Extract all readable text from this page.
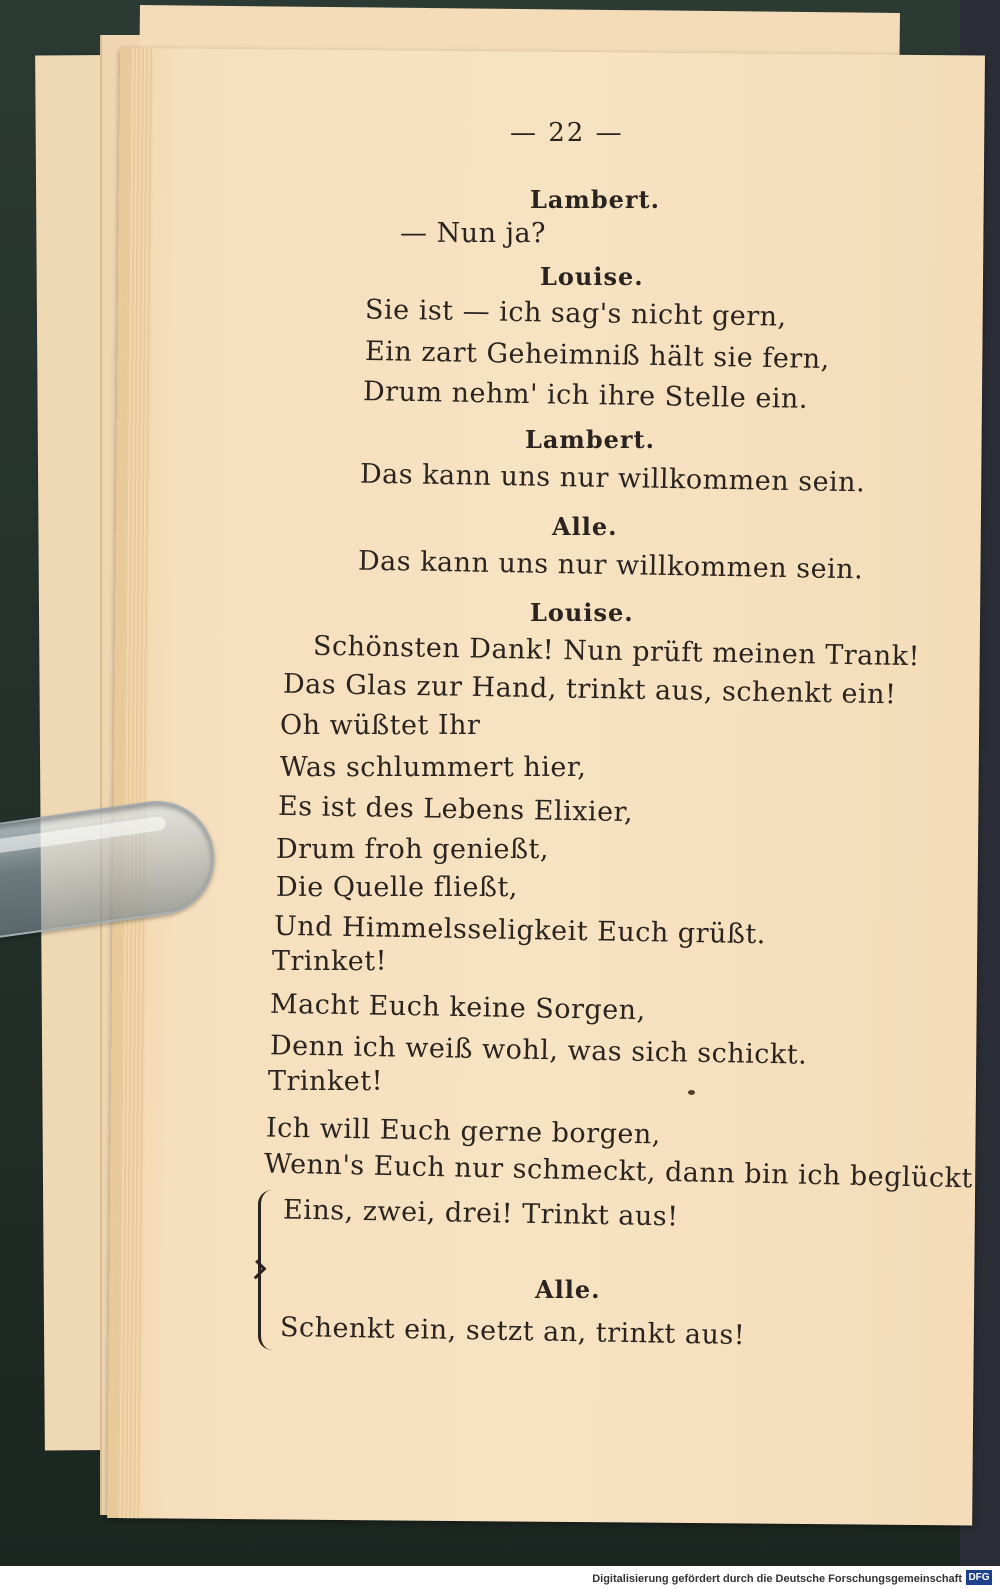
— 22 —
Lambert.
— Nun ja?
Louise.
Sie ist — ich sag's nicht gern,
Ein zart Geheimniß hält sie fern,
Drum nehm' ich ihre Stelle ein.
Lambert.
Das kann uns nur willkommen sein.
Alle.
Das kann uns nur willkommen sein.
Louise.
Schönsten Dank! Nun prüft meinen Trank!
Das Glas zur Hand, trinkt aus, schenkt ein!
Oh wüßtet Ihr
Was schlummert hier,
Es ist des Lebens Elixier,
Drum froh genießt,
Die Quelle fließt,
Und Himmelsseligkeit Euch grüßt.
Trinket!
Macht Euch keine Sorgen,
Denn ich weiß wohl, was sich schickt.
Trinket!
Ich will Euch gerne borgen,
Wenn's Euch nur schmeckt, dann bin ich beglückt.
Eins, zwei, drei! Trinkt aus!
Alle.
Schenkt ein, setzt an, trinkt aus!
Digitalisierung gefördert durch die Deutsche Forschungsgemeinschaft DFG
